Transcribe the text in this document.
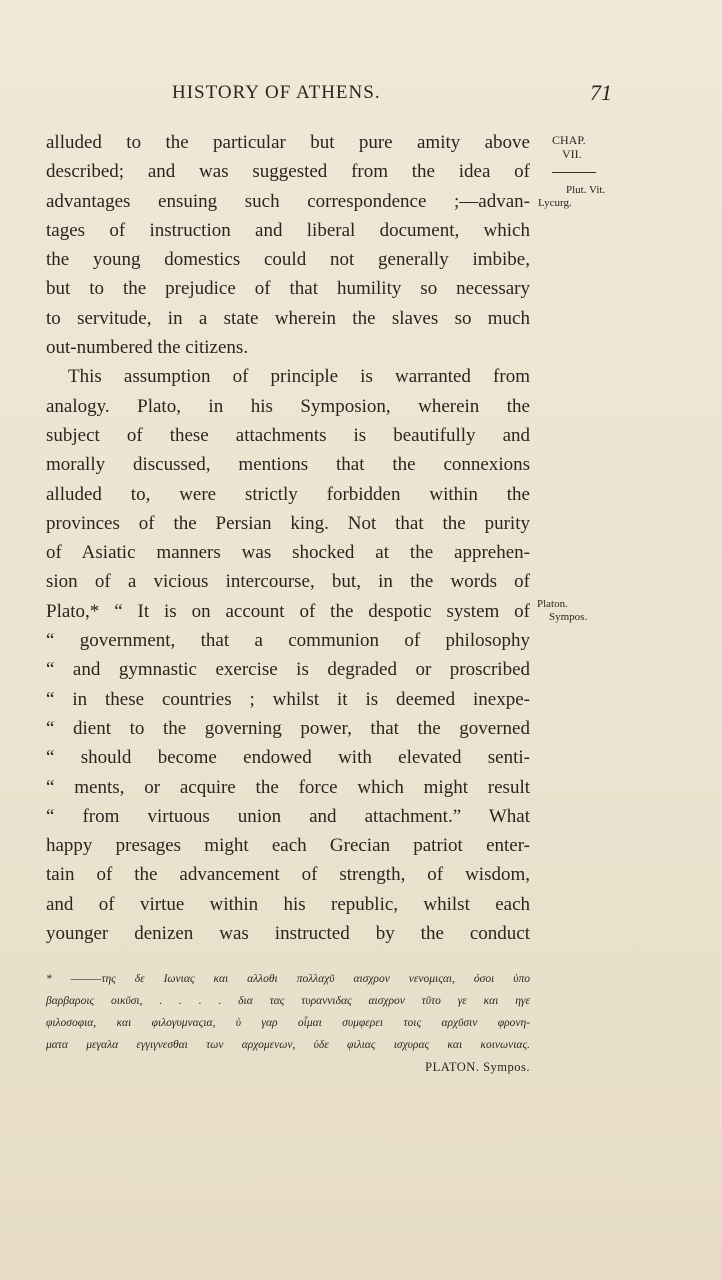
HISTORY OF ATHENS.	71
CHAP.
VII.
Plut. Vit.
Lycurg.
Platon.
Sympos.
alluded to the particular but pure amity above
described; and was suggested from the idea of
advantages ensuing such correspondence ;—advan-
tages of instruction and liberal document, which
the young domestics could not generally imbibe,
but to the prejudice of that humility so necessary
to servitude, in a state wherein the slaves so much
out-numbered the citizens.
This assumption of principle is warranted from
analogy. Plato, in his Symposion, wherein the
subject of these attachments is beautifully and
morally discussed, mentions that the connexions
alluded to, were strictly forbidden within the
provinces of the Persian king. Not that the purity
of Asiatic manners was shocked at the apprehen-
sion of a vicious intercourse, but, in the words of
Plato,* “ It is on account of the despotic system of
“ government, that a communion of philosophy
“ and gymnastic exercise is degraded or proscribed
“ in these countries ; whilst it is deemed inexpe-
“ dient to the governing power, that the governed
“ should become endowed with elevated senti-
“ ments, or acquire the force which might result
“ from virtuous union and attachment.” What
happy presages might each Grecian patriot enter-
tain of the advancement of strength, of wisdom,
and of virtue within his republic, whilst each
younger denizen was instructed by the conduct
* ———της δε Ιωνιας και αλλοθι πολλαχῦ αισχρον νενομιςαι, όσοι ὑπο
βαρβαροις οικῦσι, . . . . δια τας τυραννιδας αισχρον τῦτο γε και ηγε
φιλοσοφια, και φιλογυμναςια, ὑ γαρ οἶμαι συμφερει τοις αρχῦσιν φρονη-
ματα μεγαλα εγγιγνεσθαι των αρχομενων, ὑδε φιλιας ισχυρας και κοινωνιας.
PLATON. Sympos.
